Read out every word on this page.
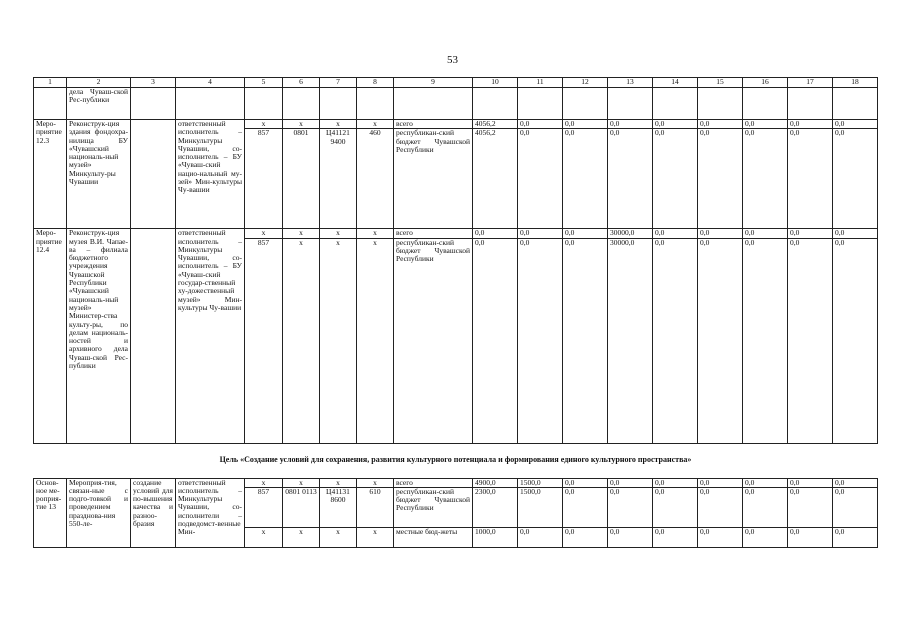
53
1	2	3	4	5	6	7	8	9	10	11	12	13	14	15	16	17	18
	дела Чуваш-ской Рес-публики																
Меро-приятие 12.3	Реконструк-ция здания фондохра-нилища БУ «Чувашский националь-ный музей» Минкульту-ры Чувашии		ответственный исполнитель – Минкультуры Чувашии, со-исполнитель – БУ «Чуваш-ский нацио-нальный му-зей» Мин-культуры Чу-вашии	x	x	x	x	всего	4056,2	0,0	0,0	0,0	0,0	0,0	0,0	0,0	0,0
				857	0801	Ц41121 9400	460	республикан-ский бюджет Чувашской Республики	4056,2	0,0	0,0	0,0	0,0	0,0	0,0	0,0	0,0
Меро-приятие 12.4	Реконструк-ция музея В.И. Чапае-ва – филиала бюджетного учреждения Чувашской Республики «Чувашский националь-ный музей» Министер-ства культу-ры, по делам националь-ностей и архивного дела Чуваш-ской Рес-публики		ответственный исполнитель – Минкультуры Чувашии, со-исполнитель – БУ «Чуваш-ский государ-ственный ху-дожественный музей» Мин-культуры Чу-вашии	x	x	x	x	всего	0,0	0,0	0,0	30000,0	0,0	0,0	0,0	0,0	0,0
				857	x	x	x	республикан-ский бюджет Чувашской Республики	0,0	0,0	0,0	30000,0	0,0	0,0	0,0	0,0	0,0
Цель «Создание условий для сохранения, развития культурного потенциала и формирования единого культурного пространства»																	
Основ-ное ме-роприя-тие 13	Мероприя-тия, связан-ные с подго-товкой и проведением празднова-ния 550-ле-	создание условий для по-вышения качества и разноо-бразия	ответственный исполнитель – Минкультуры Чувашии, со-исполнители – подведомст-венные Мин-	x	x	x	x	всего	4900,0	1500,0	0,0	0,0	0,0	0,0	0,0	0,0	0,0
				857	0801 0113	Ц41131 8600	610	республикан-ский бюджет Чувашской Республики	2300,0	1500,0	0,0	0,0	0,0	0,0	0,0	0,0	0,0
				x	x	x	x	местные бюд-жеты	1000,0	0,0	0,0	0,0	0,0	0,0	0,0	0,0	0,0
